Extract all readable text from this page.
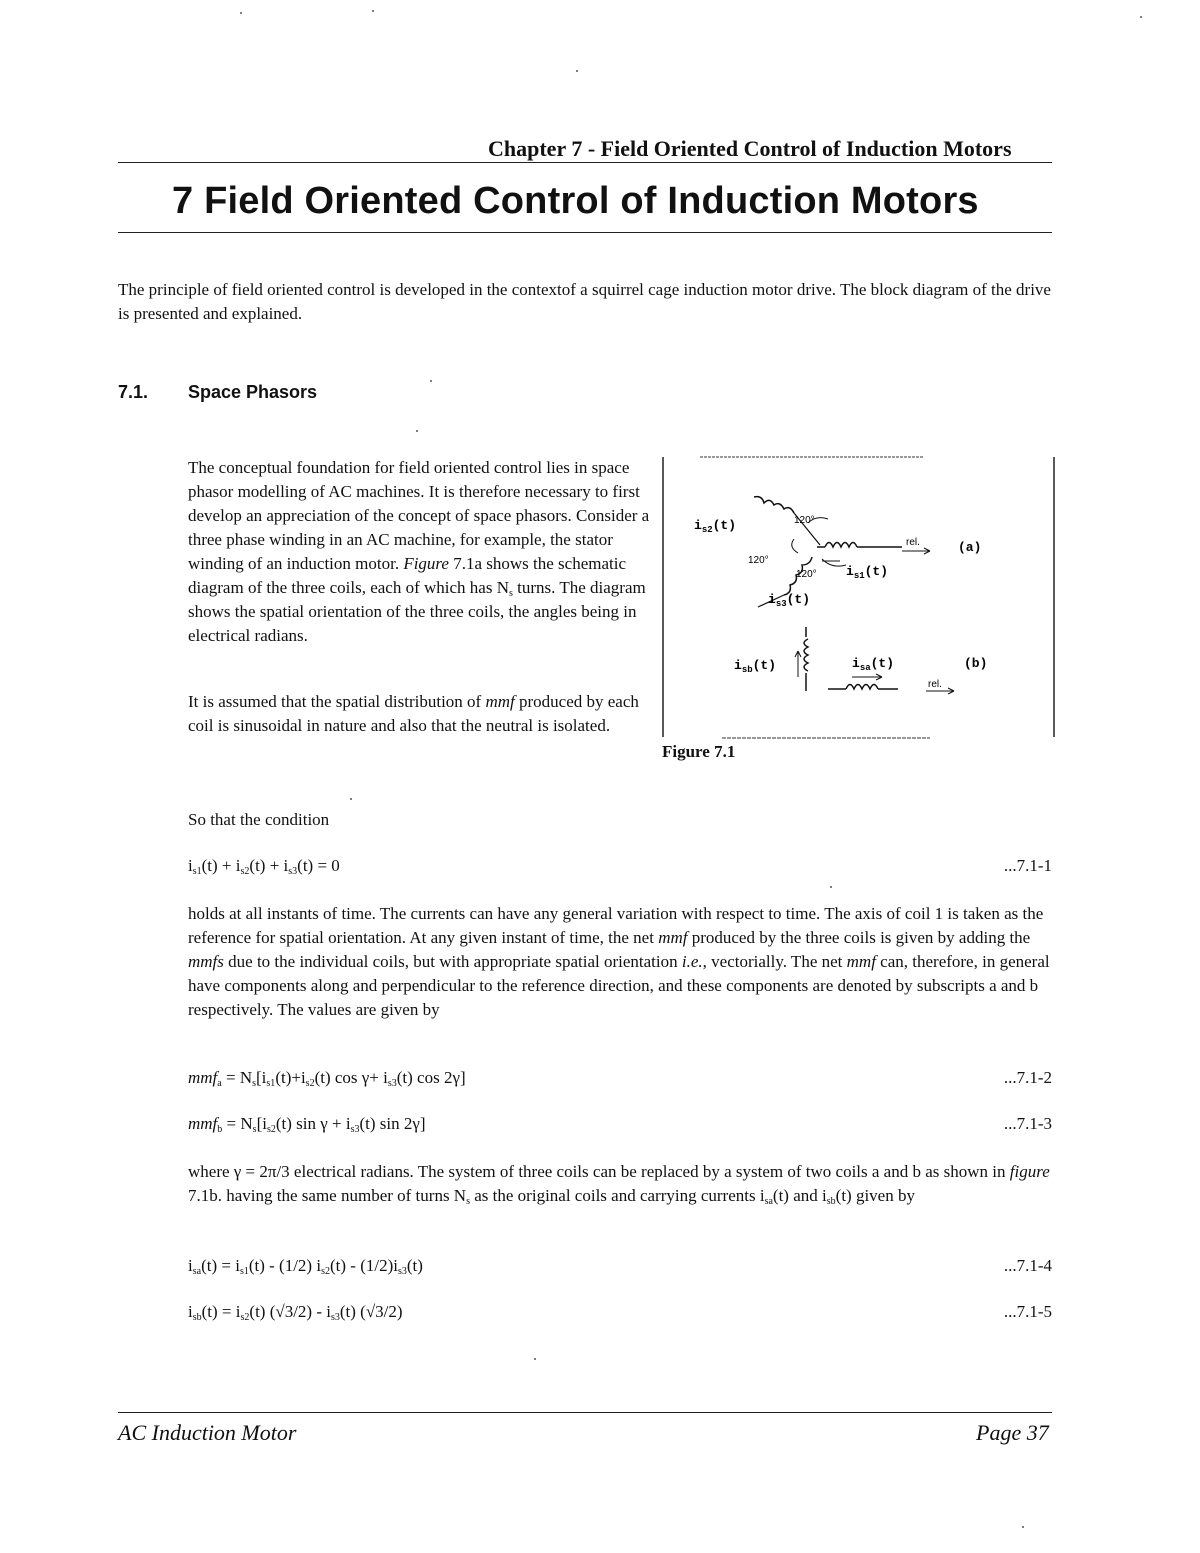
Chapter 7 - Field Oriented Control of Induction Motors
7 Field Oriented Control of Induction Motors
The principle of field oriented control is developed in the contextof a squirrel cage induction motor drive. The block diagram of the drive is presented and explained.
7.1. Space Phasors
The conceptual foundation for field oriented control lies in space phasor modelling of AC machines. It is therefore necessary to first develop an appreciation of the concept of space phasors. Consider a three phase winding in an AC machine, for example, the stator winding of an induction motor. Figure 7.1a shows the schematic diagram of the three coils, each of which has $N_s$ turns. The diagram shows the spatial orientation of the three coils, the angles being in electrical radians.
It is assumed that the spatial distribution of mmf produced by each coil is sinusoidal in nature and also that the neutral is isolated.
$i_{s2}(t)$	120°
120°
120° $i_{s1}(t)$
$i_{s3}(t)$
rel.	(a)
$i_{sb}(t)$	$i_{sa}(t)$
rel.
(b)
Figure 7.1
So that the condition
$i_{s1}(t) + i_{s2}(t) + i_{s3}(t) = 0$	...7.1-1
holds at all instants of time. The currents can have any general variation with respect to time. The axis of coil 1 is taken as the reference for spatial orientation. At any given instant of time, the net mmf produced by the three coils is given by adding the mmfs due to the individual coils, but with appropriate spatial orientation i.e., vectorially. The net mmf can, therefore, in general have components along and perpendicular to the reference direction, and these components are denoted by subscripts a and b respectively. The values are given by
$mmf_a = N_s[i_{s1}(t)+i_{s2}(t)$ $\cos \gamma+ i_{s3}(t)$ cos 2γ]	...7.1-2
$mmf_b = N_s[i_{s2}(t)$ $\sin \gamma + i_{s3}(t)$ sin 2γ]	...7.1-3
where γ = 2π/3 electrical radians. The system of three coils can be replaced by a system of two coils a and b as shown in figure 7.1b. having the same number of turns $N_s$ as the original coils and carrying currents $i_{sa}(t)$ and $i_{sb}(t)$ given by
$i_{sa}(t) = i_{s1}(t) - (1/2)$ $i_{s2}(t) - (1/2)i_{s3}(t)$	...7.1-4
$i_{sb}(t) = i_{s2}(t)$ $(√3/2) - i_{s3}(t)$ (√3/2)	...7.1-5
AC Induction Motor	Page 37
